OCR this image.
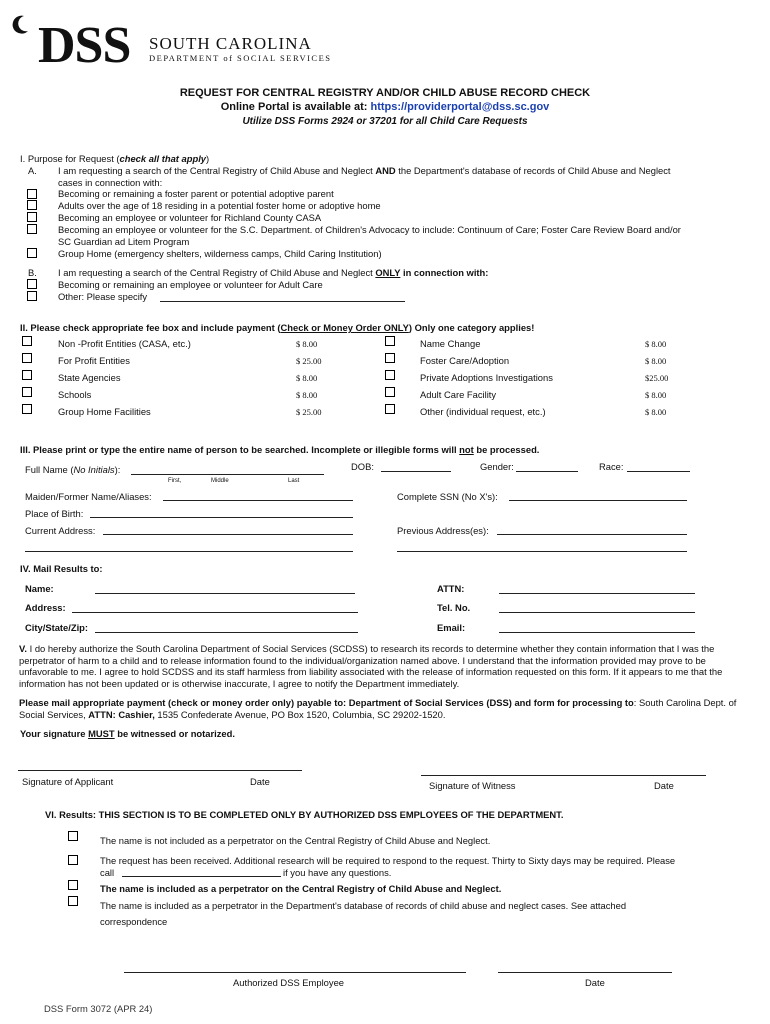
DSS SOUTH CAROLINA
DEPARTMENT of SOCIAL SERVICES
REQUEST FOR CENTRAL REGISTRY AND/OR CHILD ABUSE RECORD CHECK
Online Portal is available at: https://providerportal@dss.sc.gov
Utilize DSS Forms 2924 or 37201 for all Child Care Requests
I. Purpose for Request (check all that apply)
A. I am requesting a search of the Central Registry of Child Abuse and Neglect AND the Department's database of records of Child Abuse and Neglect
cases in connection with:
Becoming or remaining a foster parent or potential adoptive parent
Adults over the age of 18 residing in a potential foster home or adoptive home
Becoming an employee or volunteer for Richland County CASA
Becoming an employee or volunteer for the S.C. Department. of Children's Advocacy to include: Continuum of Care; Foster Care Review Board and/or
SC Guardian ad Litem Program
Group Home (emergency shelters, wilderness camps, Child Caring Institution)
B. I am requesting a search of the Central Registry of Child Abuse and Neglect ONLY in connection with:
Becoming or remaining an employee or volunteer for Adult Care
Other: Please specify
II. Please check appropriate fee box and include payment (Check or Money Order ONLY) Only one category applies!
Non -Profit Entities (CASA, etc.)	$ 8.00
For Profit Entities	$ 25.00
State Agencies	$ 8.00
Schools	$ 8.00
Group Home Facilities	$ 25.00
Name Change	$ 8.00
Foster Care/Adoption	$ 8.00
Private Adoptions Investigations	$25.00
Adult Care Facility	$ 8.00
Other (individual request, etc.)	$ 8.00
III. Please print or type the entire name of person to be searched. Incomplete or illegible forms will not be processed.
Full Name (No Initials):
First,	Middle	Last
DOB:	Gender:	Race:
Maiden/Former Name/Aliases:	Complete SSN (No X's):
Place of Birth:
Current Address:	Previous Address(es):
IV. Mail Results to:
Name:
Address:
City/State/Zip:
ATTN:
Tel. No.
Email:
V. I do hereby authorize the South Carolina Department of Social Services (SCDSS) to research its records to determine whether they contain information that I was the perpetrator of harm to a child and to release information found to the individual/organization named above. I understand that the information provided may prove to be unfavorable to me. I agree to hold SCDSS and its staff harmless from liability associated with the release of information requested on this form. If it appears to me that the information has not been updated or is otherwise inaccurate, I agree to notify the Department immediately.
Please mail appropriate payment (check or money order only) payable to: Department of Social Services (DSS) and form for processing to: South Carolina Dept. of Social Services, ATTN: Cashier, 1535 Confederate Avenue, PO Box 1520, Columbia, SC 29202-1520.
Your signature MUST be witnessed or notarized.
Signature of Applicant	Date	Signature of Witness	Date
VI. Results: THIS SECTION IS TO BE COMPLETED ONLY BY AUTHORIZED DSS EMPLOYEES OF THE DEPARTMENT.
The name is not included as a perpetrator on the Central Registry of Child Abuse and Neglect.
The request has been received. Additional research will be required to respond to the request. Thirty to Sixty days may be required. Please
call	if you have any questions.
The name is included as a perpetrator on the Central Registry of Child Abuse and Neglect.
The name is included as a perpetrator in the Department's database of records of child abuse and neglect cases. See attached
correspondence
Authorized DSS Employee	Date
DSS Form 3072 (APR 24)
